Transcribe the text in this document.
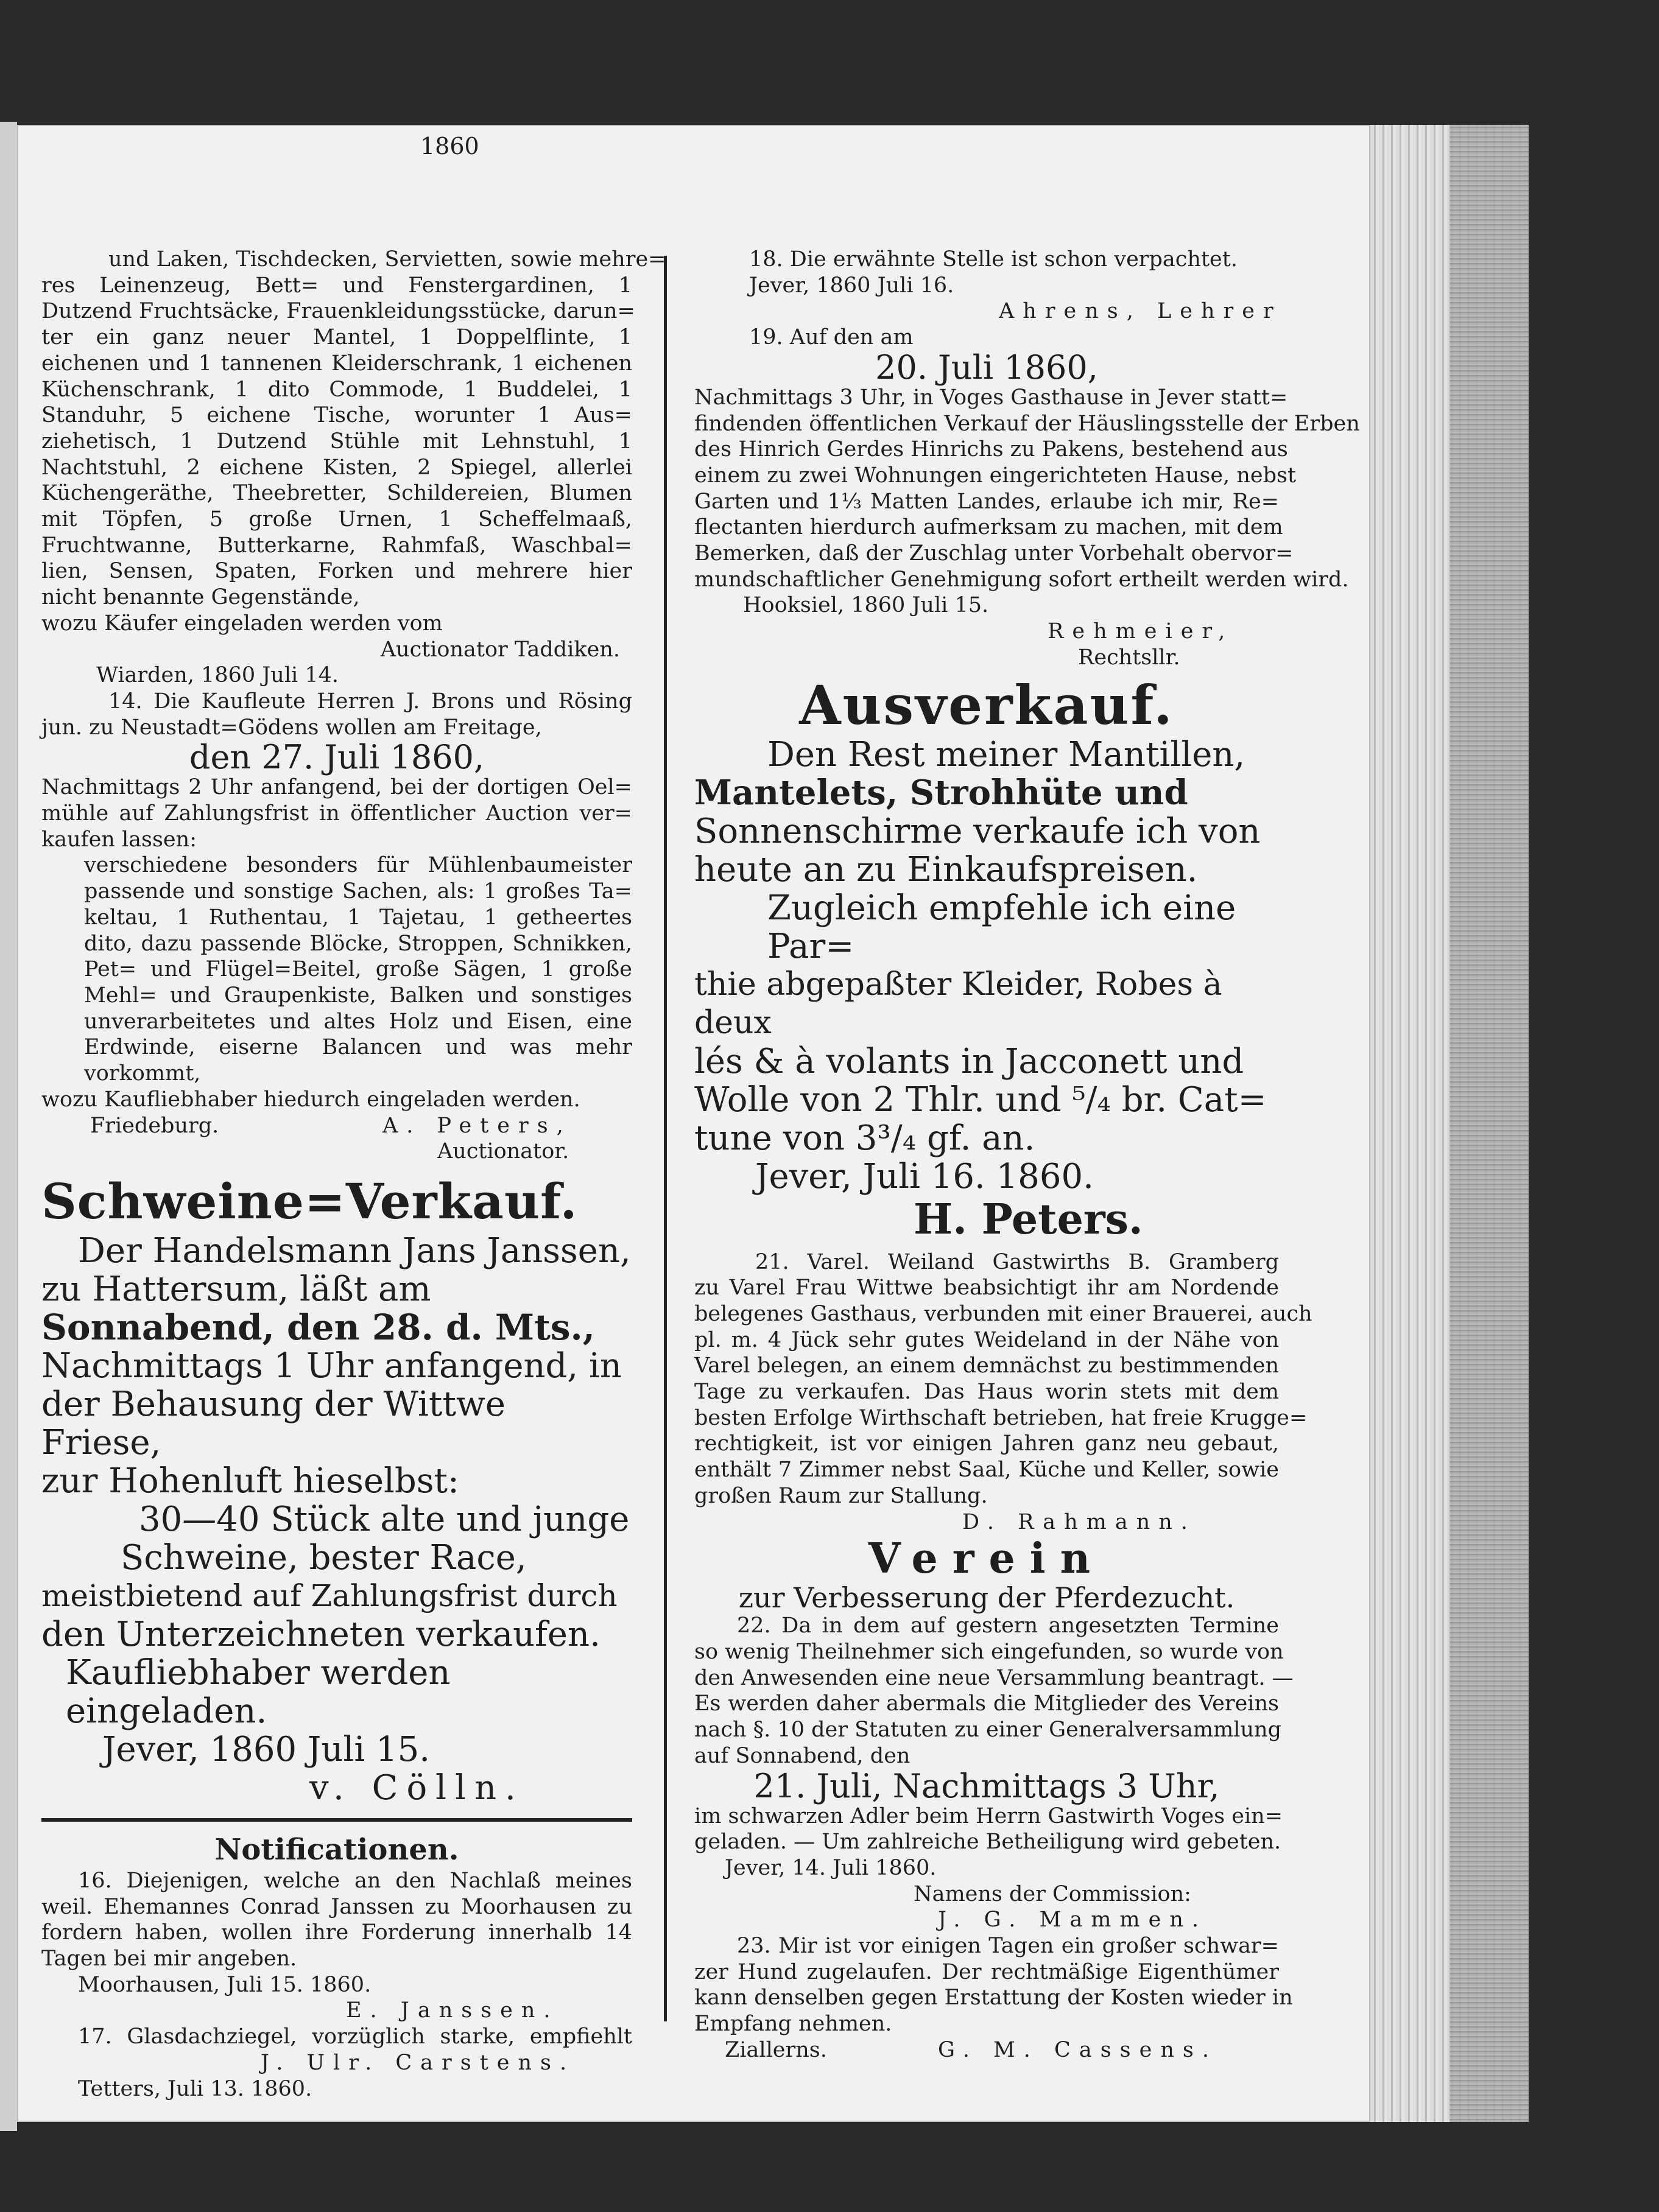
1860
und Laken, Tischdecken, Servietten, sowie mehre=
res Leinenzeug, Bett= und Fenstergardinen, 1
Dutzend Fruchtsäcke, Frauenkleidungsstücke, darun=
ter ein ganz neuer Mantel, 1 Doppelflinte, 1
eichenen und 1 tannenen Kleiderschrank, 1 eichenen
Küchenschrank, 1 dito Commode, 1 Buddelei, 1
Standuhr, 5 eichene Tische, worunter 1 Aus=
ziehetisch, 1 Dutzend Stühle mit Lehnstuhl, 1
Nachtstuhl, 2 eichene Kisten, 2 Spiegel, allerlei
Küchengeräthe, Theebretter, Schildereien, Blumen
mit Töpfen, 5 große Urnen, 1 Scheffelmaaß,
Fruchtwanne, Butterkarne, Rahmfaß, Waschbal=
lien, Sensen, Spaten, Forken und mehrere hier
nicht benannte Gegenstände,
wozu Käufer eingeladen werden vom
Auctionator Taddiken.
Wiarden, 1860 Juli 14.
14. Die Kaufleute Herren J. Brons und Rösing
jun. zu Neustadt=Gödens wollen am Freitage,
den 27. Juli 1860,
Nachmittags 2 Uhr anfangend, bei der dortigen Oel=
mühle auf Zahlungsfrist in öffentlicher Auction ver=
kaufen lassen:
verschiedene besonders für Mühlenbaumeister
passende und sonstige Sachen, als: 1 großes Ta=
keltau, 1 Ruthentau, 1 Tajetau, 1 getheertes
dito, dazu passende Blöcke, Stroppen, Schnikken,
Pet= und Flügel=Beitel, große Sägen, 1 große
Mehl= und Graupenkiste, Balken und sonstiges
unverarbeitetes und altes Holz und Eisen, eine
Erdwinde, eiserne Balancen und was mehr
vorkommt,
wozu Kaufliebhaber hiedurch eingeladen werden.
Friedeburg.	A. Peters,
Auctionator.
Schweine=Verkauf.
Der Handelsmann Jans Janssen,
zu Hattersum, läßt am
Sonnabend, den 28. d. Mts.,
Nachmittags 1 Uhr anfangend, in
der Behausung der Wittwe Friese,
zur Hohenluft hieselbst:
30—40 Stück alte und junge
Schweine, bester Race,
meistbietend auf Zahlungsfrist durch
den Unterzeichneten verkaufen.
Kaufliebhaber werden eingeladen.
Jever, 1860 Juli 15.
v. Cölln.
Notificationen.
16. Diejenigen, welche an den Nachlaß meines
weil. Ehemannes Conrad Janssen zu Moorhausen zu
fordern haben, wollen ihre Forderung innerhalb 14
Tagen bei mir angeben.
Moorhausen, Juli 15. 1860.
E. Janssen.
17. Glasdachziegel, vorzüglich starke, empfiehlt
J. Ulr. Carstens.
Tetters, Juli 13. 1860.
18. Die erwähnte Stelle ist schon verpachtet.
Jever, 1860 Juli 16.
Ahrens, Lehrer
19. Auf den am
20. Juli 1860,
Nachmittags 3 Uhr, in Voges Gasthause in Jever statt=
findenden öffentlichen Verkauf der Häuslingsstelle der Erben
des Hinrich Gerdes Hinrichs zu Pakens, bestehend aus
einem zu zwei Wohnungen eingerichteten Hause, nebst
Garten und 1⅓ Matten Landes, erlaube ich mir, Re=
flectanten hierdurch aufmerksam zu machen, mit dem
Bemerken, daß der Zuschlag unter Vorbehalt obervor=
mundschaftlicher Genehmigung sofort ertheilt werden wird.
Hooksiel, 1860 Juli 15.
Rehmeier,
Rechtsllr.
Ausverkauf.
Den Rest meiner Mantillen,
Mantelets, Strohhüte und
Sonnenschirme verkaufe ich von
heute an zu Einkaufspreisen.
Zugleich empfehle ich eine Par=
thie abgepaßter Kleider, Robes à deux
lés & à volants in Jacconett und
Wolle von 2 Thlr. und ⁵/₄ br. Cat=
tune von 3³/₄ gf. an.
Jever, Juli 16. 1860.
H. Peters.
21. Varel. Weiland Gastwirths B. Gramberg
zu Varel Frau Wittwe beabsichtigt ihr am Nordende
belegenes Gasthaus, verbunden mit einer Brauerei, auch
pl. m. 4 Jück sehr gutes Weideland in der Nähe von
Varel belegen, an einem demnächst zu bestimmenden
Tage zu verkaufen. Das Haus worin stets mit dem
besten Erfolge Wirthschaft betrieben, hat freie Krugge=
rechtigkeit, ist vor einigen Jahren ganz neu gebaut,
enthält 7 Zimmer nebst Saal, Küche und Keller, sowie
großen Raum zur Stallung.
D. Rahmann.
Verein
zur Verbesserung der Pferdezucht.
22. Da in dem auf gestern angesetzten Termine
so wenig Theilnehmer sich eingefunden, so wurde von
den Anwesenden eine neue Versammlung beantragt. —
Es werden daher abermals die Mitglieder des Vereins
nach §. 10 der Statuten zu einer Generalversammlung
auf Sonnabend, den
21. Juli, Nachmittags 3 Uhr,
im schwarzen Adler beim Herrn Gastwirth Voges ein=
geladen. — Um zahlreiche Betheiligung wird gebeten.
Jever, 14. Juli 1860.
Namens der Commission:
J. G. Mammen.
23. Mir ist vor einigen Tagen ein großer schwar=
zer Hund zugelaufen. Der rechtmäßige Eigenthümer
kann denselben gegen Erstattung der Kosten wieder in
Empfang nehmen.
Ziallerns.	G. M. Cassens.
